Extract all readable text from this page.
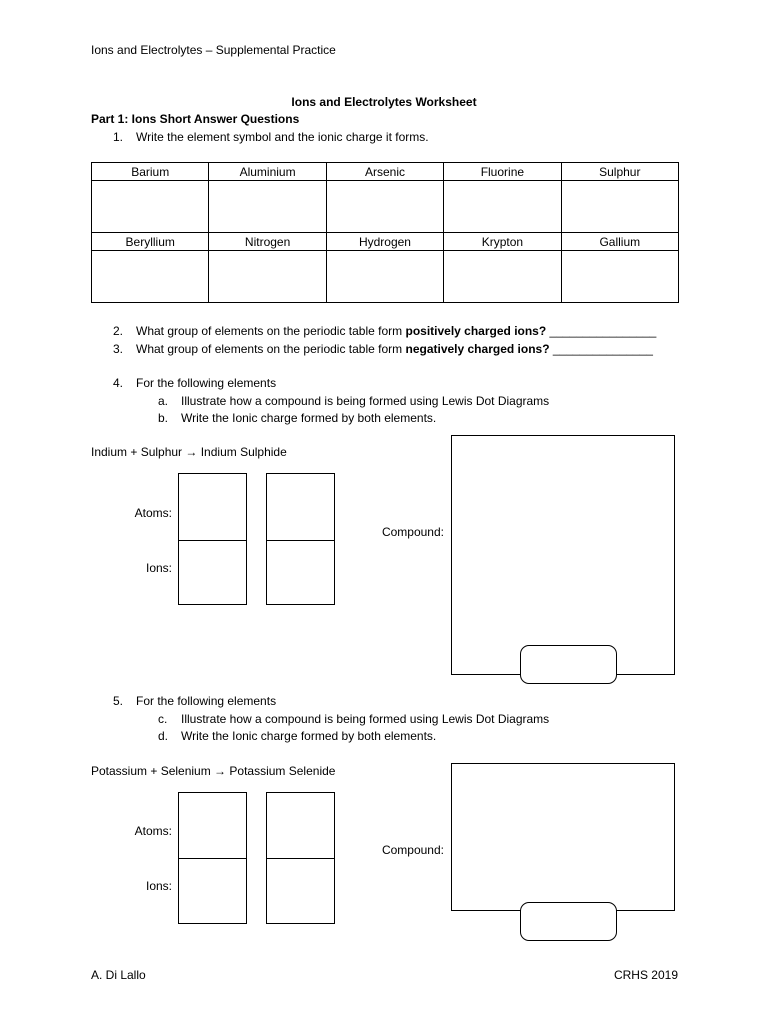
Ions and Electrolytes – Supplemental Practice
Ions and Electrolytes Worksheet
Part 1: Ions Short Answer Questions
1. Write the element symbol and the ionic charge it forms.
Barium	Aluminium	Arsenic	Fluorine	Sulphur

Beryllium	Nitrogen	Hydrogen	Krypton	Gallium

2. What group of elements on the periodic table form positively charged ions? ________________
3. What group of elements on the periodic table form negatively charged ions? _______________
4. For the following elements
a. Illustrate how a compound is being formed using Lewis Dot Diagrams
b. Write the Ionic charge formed by both elements.
Indium + Sulphur → Indium Sulphide
Atoms:
Ions:
Compound:
5. For the following elements
c. Illustrate how a compound is being formed using Lewis Dot Diagrams
d. Write the Ionic charge formed by both elements.
Potassium + Selenium → Potassium Selenide
Atoms:
Ions:
Compound:
A. Di Lallo	CRHS 2019
